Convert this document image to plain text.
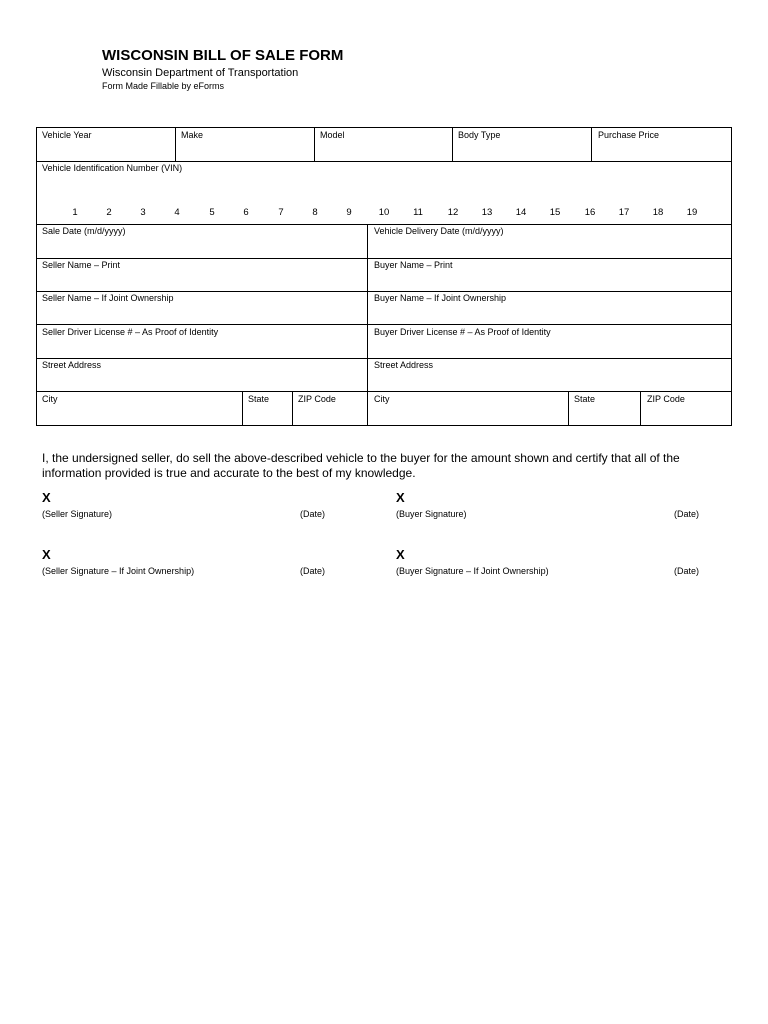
WISCONSIN BILL OF SALE FORM
Wisconsin Department of Transportation
Form Made Fillable by eForms
Vehicle Year	Make	Model	Body Type	Purchase Price
Vehicle Identification Number (VIN)
1	2	3	4	5	6	7	8	9	10	11	12 13 14 15	16 17 18 19
Sale Date (m/d/yyyy)	Vehicle Delivery Date (m/d/yyyy)
Seller Name – Print	Buyer Name – Print
Seller Name – If Joint Ownership	Buyer Name – If Joint Ownership
Seller Driver License # – As Proof of Identity	Buyer Driver License # – As Proof of Identity
Street Address	Street Address
City	State	ZIP Code	City	State	ZIP Code
I, the undersigned seller, do sell the above-described vehicle to the buyer for the amount shown and certify that all of the information provided is true and accurate to the best of my knowledge.
X
(Seller Signature)	(Date)
X
(Buyer Signature)	(Date)
X
(Seller Signature – If Joint Ownership)	(Date)
X
(Buyer Signature – If Joint Ownership)	(Date)
